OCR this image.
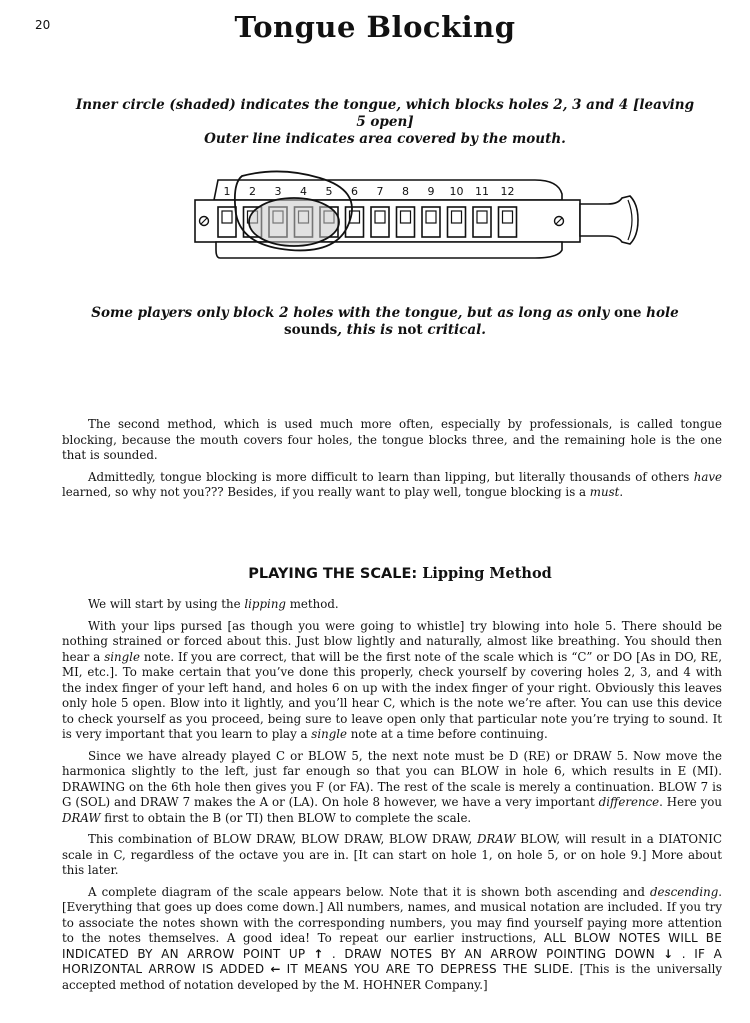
20	Tongue Blocking
Inner circle (shaded) indicates the tongue, which blocks holes 2, 3 and 4 [leaving 5 open]
Outer line indicates area covered by the mouth.
1 2 3 4 5 6 7 8 9 10 11 12
Some players only block 2 holes with the tongue, but as long as only one hole
sounds, this is not critical.

The second method, which is used much more often, especially by professionals, is called tongue blocking, because the mouth covers four holes, the tongue blocks three, and the remaining hole is the one that is sounded.

Admittedly, tongue blocking is more difficult to learn than lipping, but literally thousands of others have learned, so why not you??? Besides, if you really want to play well, tongue blocking is a must.

PLAYING THE SCALE: Lipping Method

We will start by using the lipping method.

With your lips pursed [as though you were going to whistle] try blowing into hole 5. There should be nothing strained or forced about this. Just blow lightly and naturally, almost like breathing. You should then hear a single note. If you are correct, that will be the first note of the scale which is “C” or DO [As in DO, RE, MI, etc.]. To make certain that you’ve done this properly, check yourself by covering holes 2, 3, and 4 with the index finger of your left hand, and holes 6 on up with the index finger of your right. Obviously this leaves only hole 5 open. Blow into it lightly, and you’ll hear C, which is the note we’re after. You can use this device to check yourself as you proceed, being sure to leave open only that particular note you’re trying to sound. It is very important that you learn to play a single note at a time before continuing.

Since we have already played C or BLOW 5, the next note must be D (RE) or DRAW 5. Now move the harmonica slightly to the left, just far enough so that you can BLOW in hole 6, which results in E (MI). DRAWING on the 6th hole then gives you F (or FA). The rest of the scale is merely a continuation. BLOW 7 is G (SOL) and DRAW 7 makes the A or (LA). On hole 8 however, we have a very important difference. Here you DRAW first to obtain the B (or TI) then BLOW to complete the scale.

This combination of BLOW DRAW, BLOW DRAW, BLOW DRAW, DRAW BLOW, will result in a DIATONIC scale in C, regardless of the octave you are in. [It can start on hole 1, on hole 5, or on hole 9.] More about this later.

A complete diagram of the scale appears below. Note that it is shown both ascending and descending. [Everything that goes up does come down.] All numbers, names, and musical notation are included. If you try to associate the notes shown with the corresponding numbers, you may find yourself paying more attention to the notes themselves. A good idea! To repeat our earlier instructions, ALL BLOW NOTES WILL BE INDICATED BY AN ARROW POINT UP ↑ . DRAW NOTES BY AN ARROW POINTING DOWN ↓ . IF A HORIZONTAL ARROW IS ADDED ← IT MEANS YOU ARE TO DEPRESS THE SLIDE. [This is the universally accepted method of notation developed by the M. HOHNER Company.]
